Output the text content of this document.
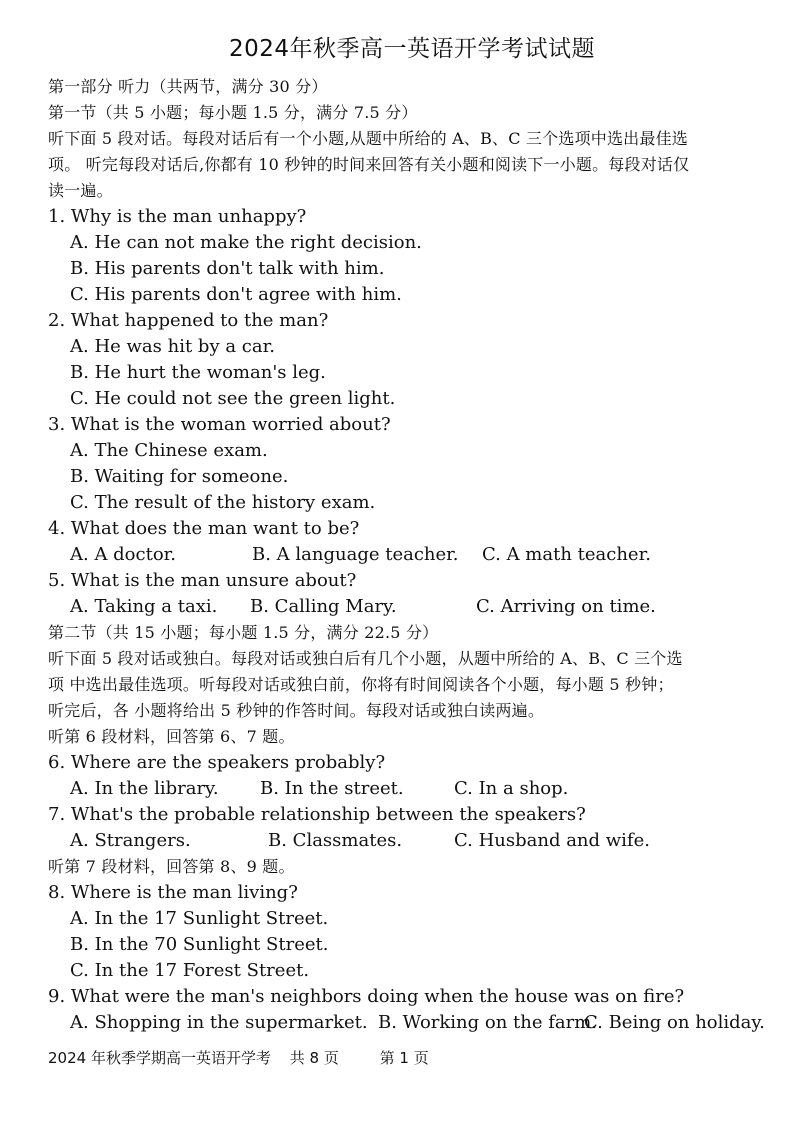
2024年秋季高一英语开学考试试题
第一部分 听力（共两节，满分 30 分）
第一节（共 5 小题；每小题 1.5 分，满分 7.5 分）
听下面 5 段对话。每段对话后有一个小题,从题中所给的 A、B、C 三个选项中选出最佳选
项。 听完每段对话后,你都有 10 秒钟的时间来回答有关小题和阅读下一小题。每段对话仅
读一遍。
1. Why is the man unhappy?
A. He can not make the right decision.
B. His parents don't talk with him.
C. His parents don't agree with him.
2. What happened to the man?
A. He was hit by a car.
B. He hurt the woman's leg.
C. He could not see the green light.
3. What is the woman worried about?
A. The Chinese exam.
B. Waiting for someone.
C. The result of the history exam.
4. What does the man want to be?
A. A doctor.	B. A language teacher. C. A math teacher.
5. What is the man unsure about?
A. Taking a taxi. B. Calling Mary.	C. Arriving on time.
第二节（共 15 小题；每小题 1.5 分，满分 22.5 分）
听下面 5 段对话或独白。每段对话或独白后有几个小题，从题中所给的 A、B、C 三个选
项 中选出最佳选项。听每段对话或独白前，你将有时间阅读各个小题，每小题 5 秒钟；
听完后，各 小题将给出 5 秒钟的作答时间。每段对话或独白读两遍。
听第 6 段材料，回答第 6、7 题。
6. Where are the speakers probably?
A. In the library. B. In the street.	C. In a shop.
7. What's the probable relationship between the speakers?
A. Strangers.	B. Classmates.	C. Husband and wife.
听第 7 段材料，回答第 8、9 题。
8. Where is the man living?
A. In the 17 Sunlight Street.
B. In the 70 Sunlight Street.
C. In the 17 Forest Street.
9. What were the man's neighbors doing when the house was on fire?
A. Shopping in the supermarket. B. Working on the farm.
C. Being on holiday.
2024 年秋季学期高一英语开学考 共 8 页	第 1 页
